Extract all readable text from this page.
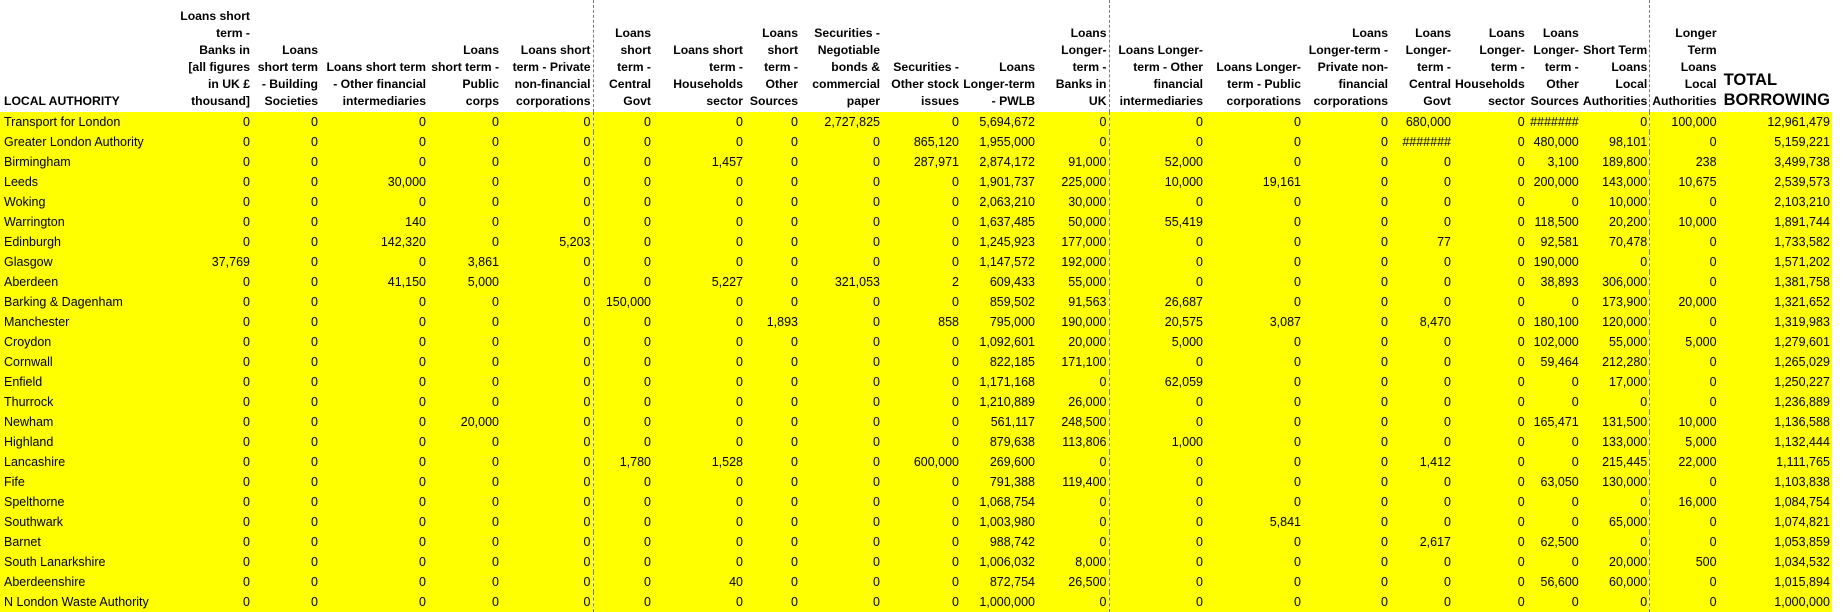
LOCAL AUTHORITY	Loans short term - Banks in [all figures in UK £ thousand]	Loans short term - Building Societies	Loans short term - Other financial intermediaries	Loans short term - Public corps	Loans short term - Private non-financial corporations	Loans short term - Central Govt	Loans short term - Households sector	Loans short term - Other Sources	Securities - Negotiable bonds & commercial paper	Securities - Other stock issues	Loans Longer-term - PWLB	Loans Longer-term - Banks in UK	Loans Longer-term - Other financial intermediaries	Loans Longer-term - Public corporations	Loans Longer-term - Private non-financial corporations	Loans Longer-term - Central Govt	Loans Longer-term - Households sector	Loans Longer-term - Other Sources	Short Term Loans Local Authorities	Longer Term Loans Local Authorities	TOTAL BORROWING
Transport for London	0	0	0	0	0	0	0	0	2,727,825	0	5,694,672	0	0	0	0	680,000	0	#######	0	100,000	12,961,479
Greater London Authority	0	0	0	0	0	0	0	0	0	865,120	1,955,000	0	0	0	0	#######	0	480,000	98,101	0	5,159,221
Birmingham	0	0	0	0	0	0	1,457	0	0	287,971	2,874,172	91,000	52,000	0	0	0	0	3,100	189,800	238	3,499,738
Leeds	0	0	30,000	0	0	0	0	0	0	0	1,901,737	225,000	10,000	19,161	0	0	0	200,000	143,000	10,675	2,539,573
Woking	0	0	0	0	0	0	0	0	0	0	2,063,210	30,000	0	0	0	0	0	0	10,000	0	2,103,210
Warrington	0	0	140	0	0	0	0	0	0	0	1,637,485	50,000	55,419	0	0	0	0	118,500	20,200	10,000	1,891,744
Edinburgh	0	0	142,320	0	5,203	0	0	0	0	0	1,245,923	177,000	0	0	0	77	0	92,581	70,478	0	1,733,582
Glasgow	37,769	0	0	3,861	0	0	0	0	0	0	1,147,572	192,000	0	0	0	0	0	190,000	0	0	1,571,202
Aberdeen	0	0	41,150	5,000	0	0	5,227	0	321,053	2	609,433	55,000	0	0	0	0	0	38,893	306,000	0	1,381,758
Barking & Dagenham	0	0	0	0	0	150,000	0	0	0	0	859,502	91,563	26,687	0	0	0	0	0	173,900	20,000	1,321,652
Manchester	0	0	0	0	0	0	0	1,893	0	858	795,000	190,000	20,575	3,087	0	8,470	0	180,100	120,000	0	1,319,983
Croydon	0	0	0	0	0	0	0	0	0	0	1,092,601	20,000	5,000	0	0	0	0	102,000	55,000	5,000	1,279,601
Cornwall	0	0	0	0	0	0	0	0	0	0	822,185	171,100	0	0	0	0	0	59,464	212,280	0	1,265,029
Enfield	0	0	0	0	0	0	0	0	0	0	1,171,168	0	62,059	0	0	0	0	0	17,000	0	1,250,227
Thurrock	0	0	0	0	0	0	0	0	0	0	1,210,889	26,000	0	0	0	0	0	0	0	0	1,236,889
Newham	0	0	0	20,000	0	0	0	0	0	0	561,117	248,500	0	0	0	0	0	165,471	131,500	10,000	1,136,588
Highland	0	0	0	0	0	0	0	0	0	0	879,638	113,806	1,000	0	0	0	0	0	133,000	5,000	1,132,444
Lancashire	0	0	0	0	0	1,780	1,528	0	0	600,000	269,600	0	0	0	0	1,412	0	0	215,445	22,000	1,111,765
Fife	0	0	0	0	0	0	0	0	0	0	791,388	119,400	0	0	0	0	0	63,050	130,000	0	1,103,838
Spelthorne	0	0	0	0	0	0	0	0	0	0	1,068,754	0	0	0	0	0	0	0	0	16,000	1,084,754
Southwark	0	0	0	0	0	0	0	0	0	0	1,003,980	0	0	5,841	0	0	0	0	65,000	0	1,074,821
Barnet	0	0	0	0	0	0	0	0	0	0	988,742	0	0	0	0	2,617	0	62,500	0	0	1,053,859
South Lanarkshire	0	0	0	0	0	0	0	0	0	0	1,006,032	8,000	0	0	0	0	0	0	20,000	500	1,034,532
Aberdeenshire	0	0	0	0	0	0	40	0	0	0	872,754	26,500	0	0	0	0	0	56,600	60,000	0	1,015,894
N London Waste Authority	0	0	0	0	0	0	0	0	0	0	1,000,000	0	0	0	0	0	0	0	0	0	1,000,000
